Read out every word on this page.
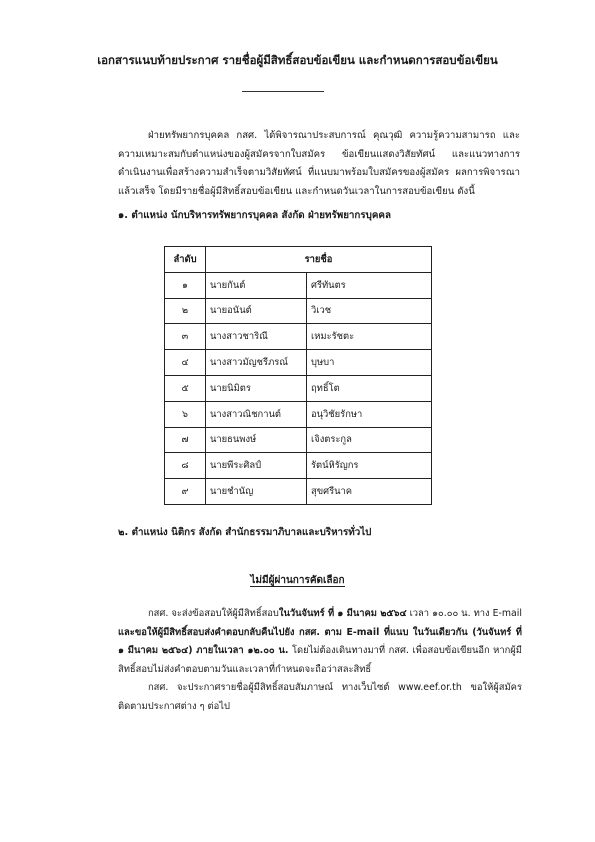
เอกสารแนบท้ายประกาศ รายชื่อผู้มีสิทธิ์สอบข้อเขียน และกำหนดการสอบข้อเขียน

ฝ่ายทรัพยากรบุคคล กสศ. ได้พิจารณาประสบการณ์ คุณวุฒิ ความรู้ความสามารถ และความเหมาะสมกับตำแหน่งของผู้สมัครจากใบสมัคร ข้อเขียนแสดงวิสัยทัศน์ และแนวทางการดำเนินงานเพื่อสร้างความสำเร็จตามวิสัยทัศน์ ที่แนบมาพร้อมใบสมัครของผู้สมัคร ผลการพิจารณาแล้วเสร็จ โดยมีรายชื่อผู้มีสิทธิ์สอบข้อเขียน และกำหนดวันเวลาในการสอบข้อเขียน ดังนี้

๑. ตำแหน่ง นักบริหารทรัพยากรบุคคล สังกัด ฝ่ายทรัพยากรบุคคล
ลำดับ	รายชื่อ	
๑	นายกันต์	ศรีทันตร
๒	นายอนันต์	วิเวช
๓	นางสาวชาริณี	เหมะรัชตะ
๔	นางสาวมัญชรีภรณ์	บุษบา
๕	นายนิมิตร	ฤทธิ์โต
๖	นางสาวณิชกานต์	อนุวิชัยรักษา
๗	นายธนพงษ์	เจิงตระกูล
๘	นายพีระศิลป์	รัตน์หิรัญกร
๙	นายชำนัญ	สุขศรีนาค
๒. ตำแหน่ง นิติกร สังกัด สำนักธรรมาภิบาลและบริหารทั่วไป
ไม่มีผู้ผ่านการคัดเลือก

กสศ. จะส่งข้อสอบให้ผู้มีสิทธิ์สอบในวันจันทร์ ที่ ๑ มีนาคม ๒๕๖๔ เวลา ๑๐.๐๐ น. ทาง E-mail และขอให้ผู้มีสิทธิ์สอบส่งคำตอบกลับคืนไปยัง กสศ. ตาม E-mail ที่แนบ ในวันเดียวกัน (วันจันทร์ ที่ ๑ มีนาคม ๒๕๖๔) ภายในเวลา ๑๒.๐๐ น. โดยไม่ต้องเดินทางมาที่ กสศ. เพื่อสอบข้อเขียนอีก หากผู้มีสิทธิ์สอบไม่ส่งคำตอบตามวันและเวลาที่กำหนดจะถือว่าสละสิทธิ์

กสศ. จะประกาศรายชื่อผู้มีสิทธิ์สอบสัมภาษณ์ ทางเว็บไซต์ www.eef.or.th ขอให้ผู้สมัครติดตามประกาศต่าง ๆ ต่อไป
